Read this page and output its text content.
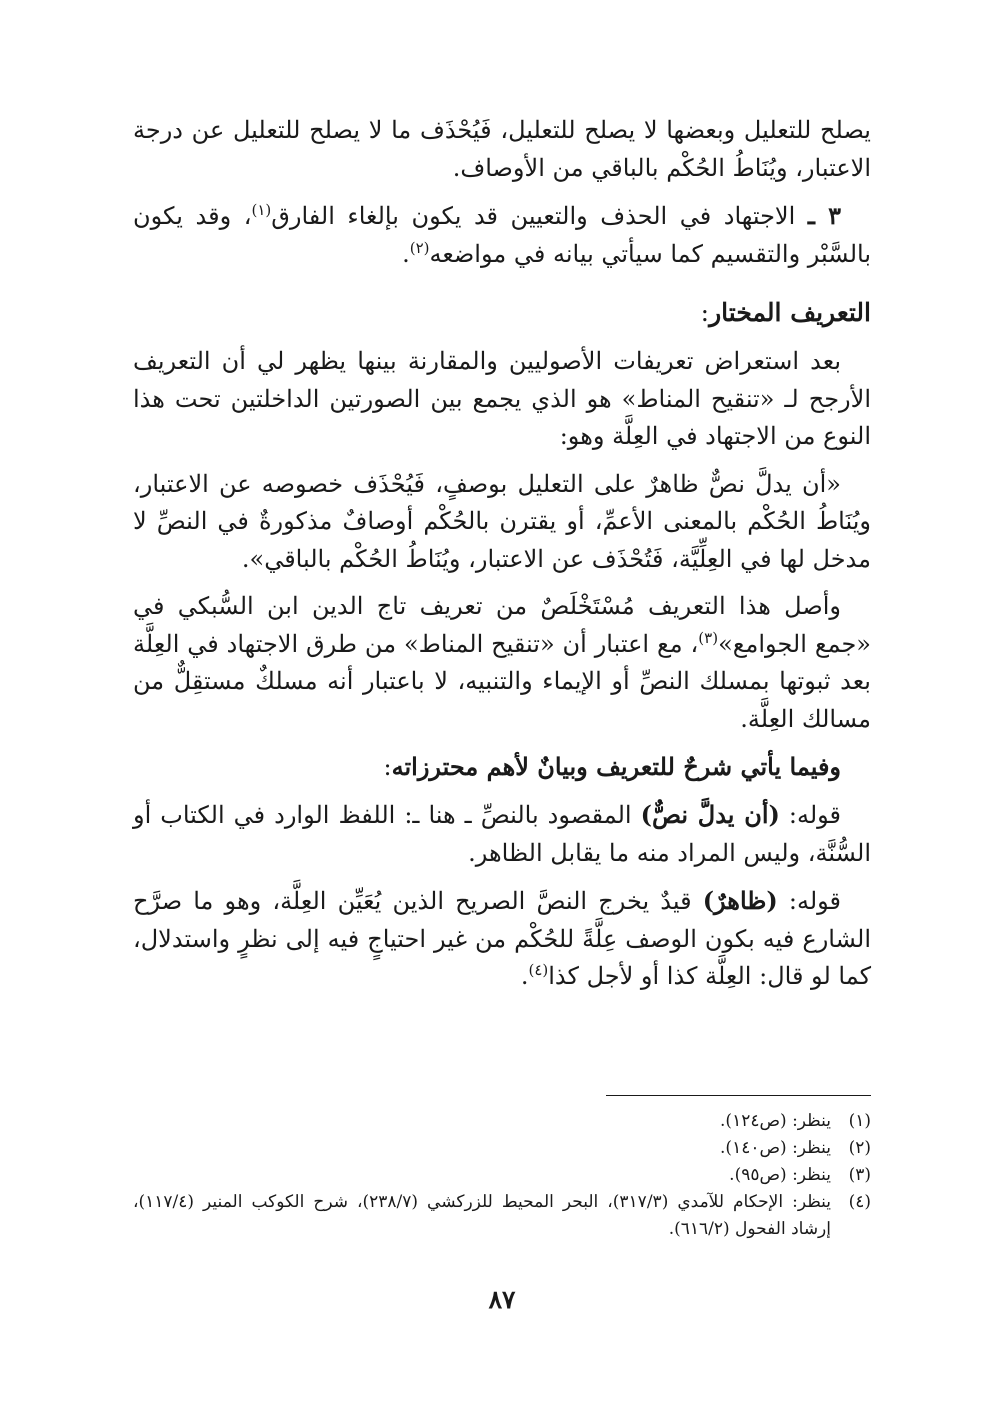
يصلح للتعليل وبعضها لا يصلح للتعليل، فَيُحْذَف ما لا يصلح للتعليل عن درجة الاعتبار، ويُنَاطُ الحُكْم بالباقي من الأوصاف.

٣ ـ الاجتهاد في الحذف والتعيين قد يكون بإلغاء الفارق$^{(١)}$، وقد يكون بالسَّبْر والتقسيم كما سيأتي بيانه في مواضعه$^{(٢)}$.

التعريف المختار:

بعد استعراض تعريفات الأصوليين والمقارنة بينها يظهر لي أن التعريف الأرجح لـ «تنقيح المناط» هو الذي يجمع بين الصورتين الداخلتين تحت هذا النوع من الاجتهاد في العِلَّة وهو:

«أن يدلَّ نصٌّ ظاهرٌ على التعليل بوصفٍ، فَيُحْذَف خصوصه عن الاعتبار، ويُنَاطُ الحُكْم بالمعنى الأعمِّ، أو يقترن بالحُكْم أوصافٌ مذكورةٌ في النصِّ لا مدخل لها في العِلِّيَّة، فَتُحْذَف عن الاعتبار، ويُنَاطُ الحُكْم بالباقي».

وأصل هذا التعريف مُسْتَخْلَصٌ من تعريف تاج الدين ابن السُّبكي في «جمع الجوامع»$^{(٣)}$، مع اعتبار أن «تنقيح المناط» من طرق الاجتهاد في العِلَّة بعد ثبوتها بمسلك النصِّ أو الإيماء والتنبيه، لا باعتبار أنه مسلكٌ مستقِلٌّ من مسالك العِلَّة.

وفيما يأتي شرحٌ للتعريف وبيانٌ لأهم محترزاته:

قوله: (أن يدلَّ نصٌّ) المقصود بالنصِّ ـ هنا ـ: اللفظ الوارد في الكتاب أو السُّنَّة، وليس المراد منه ما يقابل الظاهر.

قوله: (ظاهرٌ) قيدٌ يخرج النصَّ الصريح الذين يُعَيِّن العِلَّة، وهو ما صرَّح الشارع فيه بكون الوصف عِلَّةً للحُكْم من غير احتياجٍ فيه إلى نظرٍ واستدلال، كما لو قال: العِلَّة كذا أو لأجل كذا$^{(٤)}$.

(١)
ينظر: (ص١٢٤).
(٢)
ينظر: (ص١٤٠).
(٣)
ينظر: (ص٩٥).
(٤)
ينظر: الإحكام للآمدي (٣١٧/٣)، البحر المحيط للزركشي (٢٣٨/٧)، شرح الكوكب المنير (١١٧/٤)، إرشاد الفحول (٦١٦/٢).
٨٧
